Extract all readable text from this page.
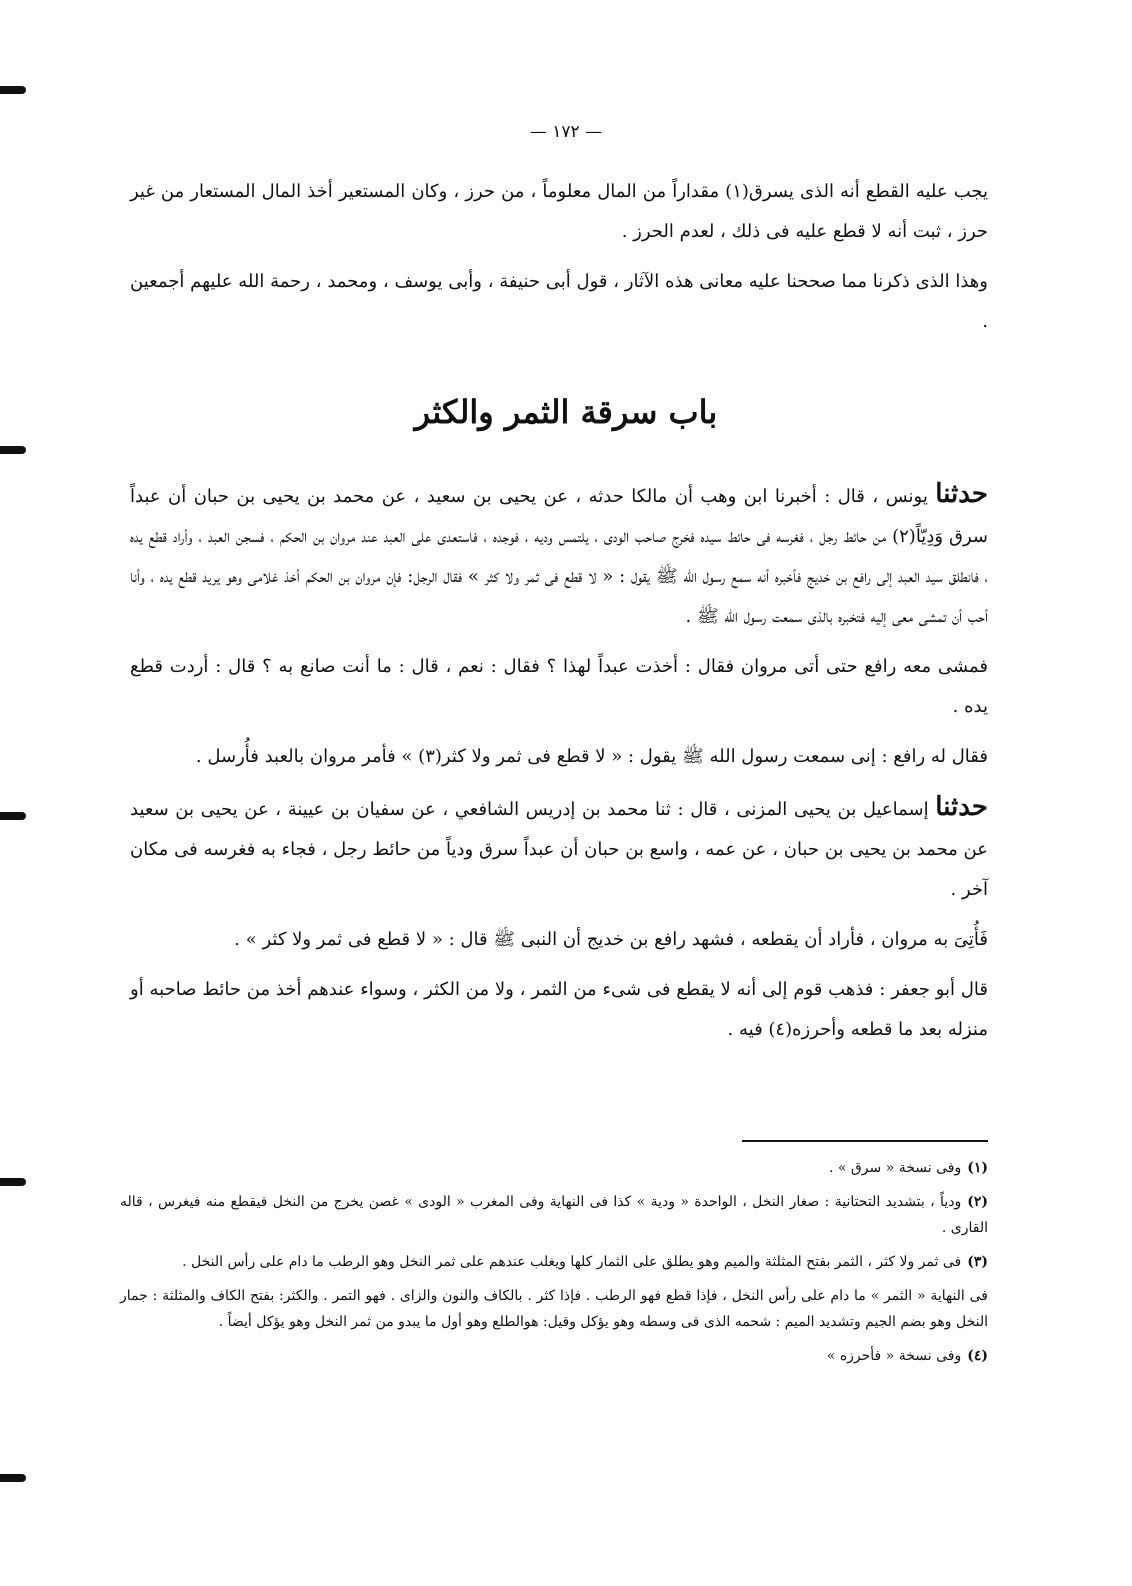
— ١٧٢ —

يجب عليه القطع أنه الذى يسرق(١) مقداراً من المال معلوماً ، من حرز ، وكان المستعير أخذ المال المستعار من غير حرز ، ثبت أنه لا قطع عليه فى ذلك ، لعدم الحرز .

وهذا الذى ذكرنا مما صححنا عليه معانى هذه الآثار ، قول أبى حنيفة ، وأبى يوسف ، ومحمد ، رحمة الله عليهم أجمعين .

باب سرقة الثمر والكثر

حدثنا يونس ، قال : أخبرنا ابن وهب أن مالكا حدثه ، عن يحيى بن سعيد ، عن محمد بن يحيى بن حبان أن عبداً سرق وَدِيّاً(٢) من حائط رجل ، فغرسه فى حائط سيده فخرج صاحب الودى ، يلتمس وديه ، فوجده ، فاستعدى على العبد عند مروان بن الحكم ، فسجن العبد ، وأراد قطع يده ، فانطلق سيد العبد إلى رافع بن خديج فأخبره أنه سمع رسول الله ﷺ يقول : « لا قطع فى ثمر ولا كثر » فقال الرجل: فإن مروان بن الحكم أخذ غلامى وهو يريد قطع يده ، وأنا أحب أن تمشى معى إليه فتخبره بالذى سمعت رسول الله ﷺ .

فمشى معه رافع حتى أتى مروان فقال : أخذت عبداً لهذا ؟ فقال : نعم ، قال : ما أنت صانع به ؟ قال : أردت قطع يده .

فقال له رافع : إنى سمعت رسول الله ﷺ يقول : « لا قطع فى ثمر ولا كثر(٣) » فأمر مروان بالعبد فأُرسل .

حدثنا إسماعيل بن يحيى المزنى ، قال : ثنا محمد بن إدريس الشافعي ، عن سفيان بن عيينة ، عن يحيى بن سعيد عن محمد بن يحيى بن حبان ، عن عمه ، واسع بن حبان أن عبداً سرق ودياً من حائط رجل ، فجاء به فغرسه فى مكان آخر .

فَأُتِىَ به مروان ، فأراد أن يقطعه ، فشهد رافع بن خديج أن النبى ﷺ قال : « لا قطع فى ثمر ولا كثر » .

قال أبو جعفر : فذهب قوم إلى أنه لا يقطع فى شىء من الثمر ، ولا من الكثر ، وسواء عندهم أخذ من حائط صاحبه أو منزله بعد ما قطعه وأحرزه(٤) فيه .

(١)وفى نسخة « سرق » .

(٢)ودياً ، بتشديد التحتانية : صغار النخل ، الواحدة « ودية » كذا فى النهاية وفى المغرب « الودى » غصن يخرج من النخل فيقطع منه فيغرس ، قاله القارى .

(٣)فى ثمر ولا كثر ، الثمر بفتح المثلثة والميم وهو يطلق على الثمار كلها ويغلب عندهم على ثمر النخل وهو الرطب ما دام على رأس النخل .

فى النهاية « الثمر » ما دام على رأس النخل ، فإذا قطع فهو الرطب . فإذا كثر . بالكاف والنون والزاى . فهو التمر . والكثر: بفتح الكاف والمثلثة : جمار النخل وهو بضم الجيم وتشديد الميم : شحمه الذى فى وسطه وهو يؤكل وقيل: هوالطلع وهو أول ما يبدو من ثمر النخل وهو يؤكل أيضاً .

(٤)وفى نسخة « فأحرزه »
